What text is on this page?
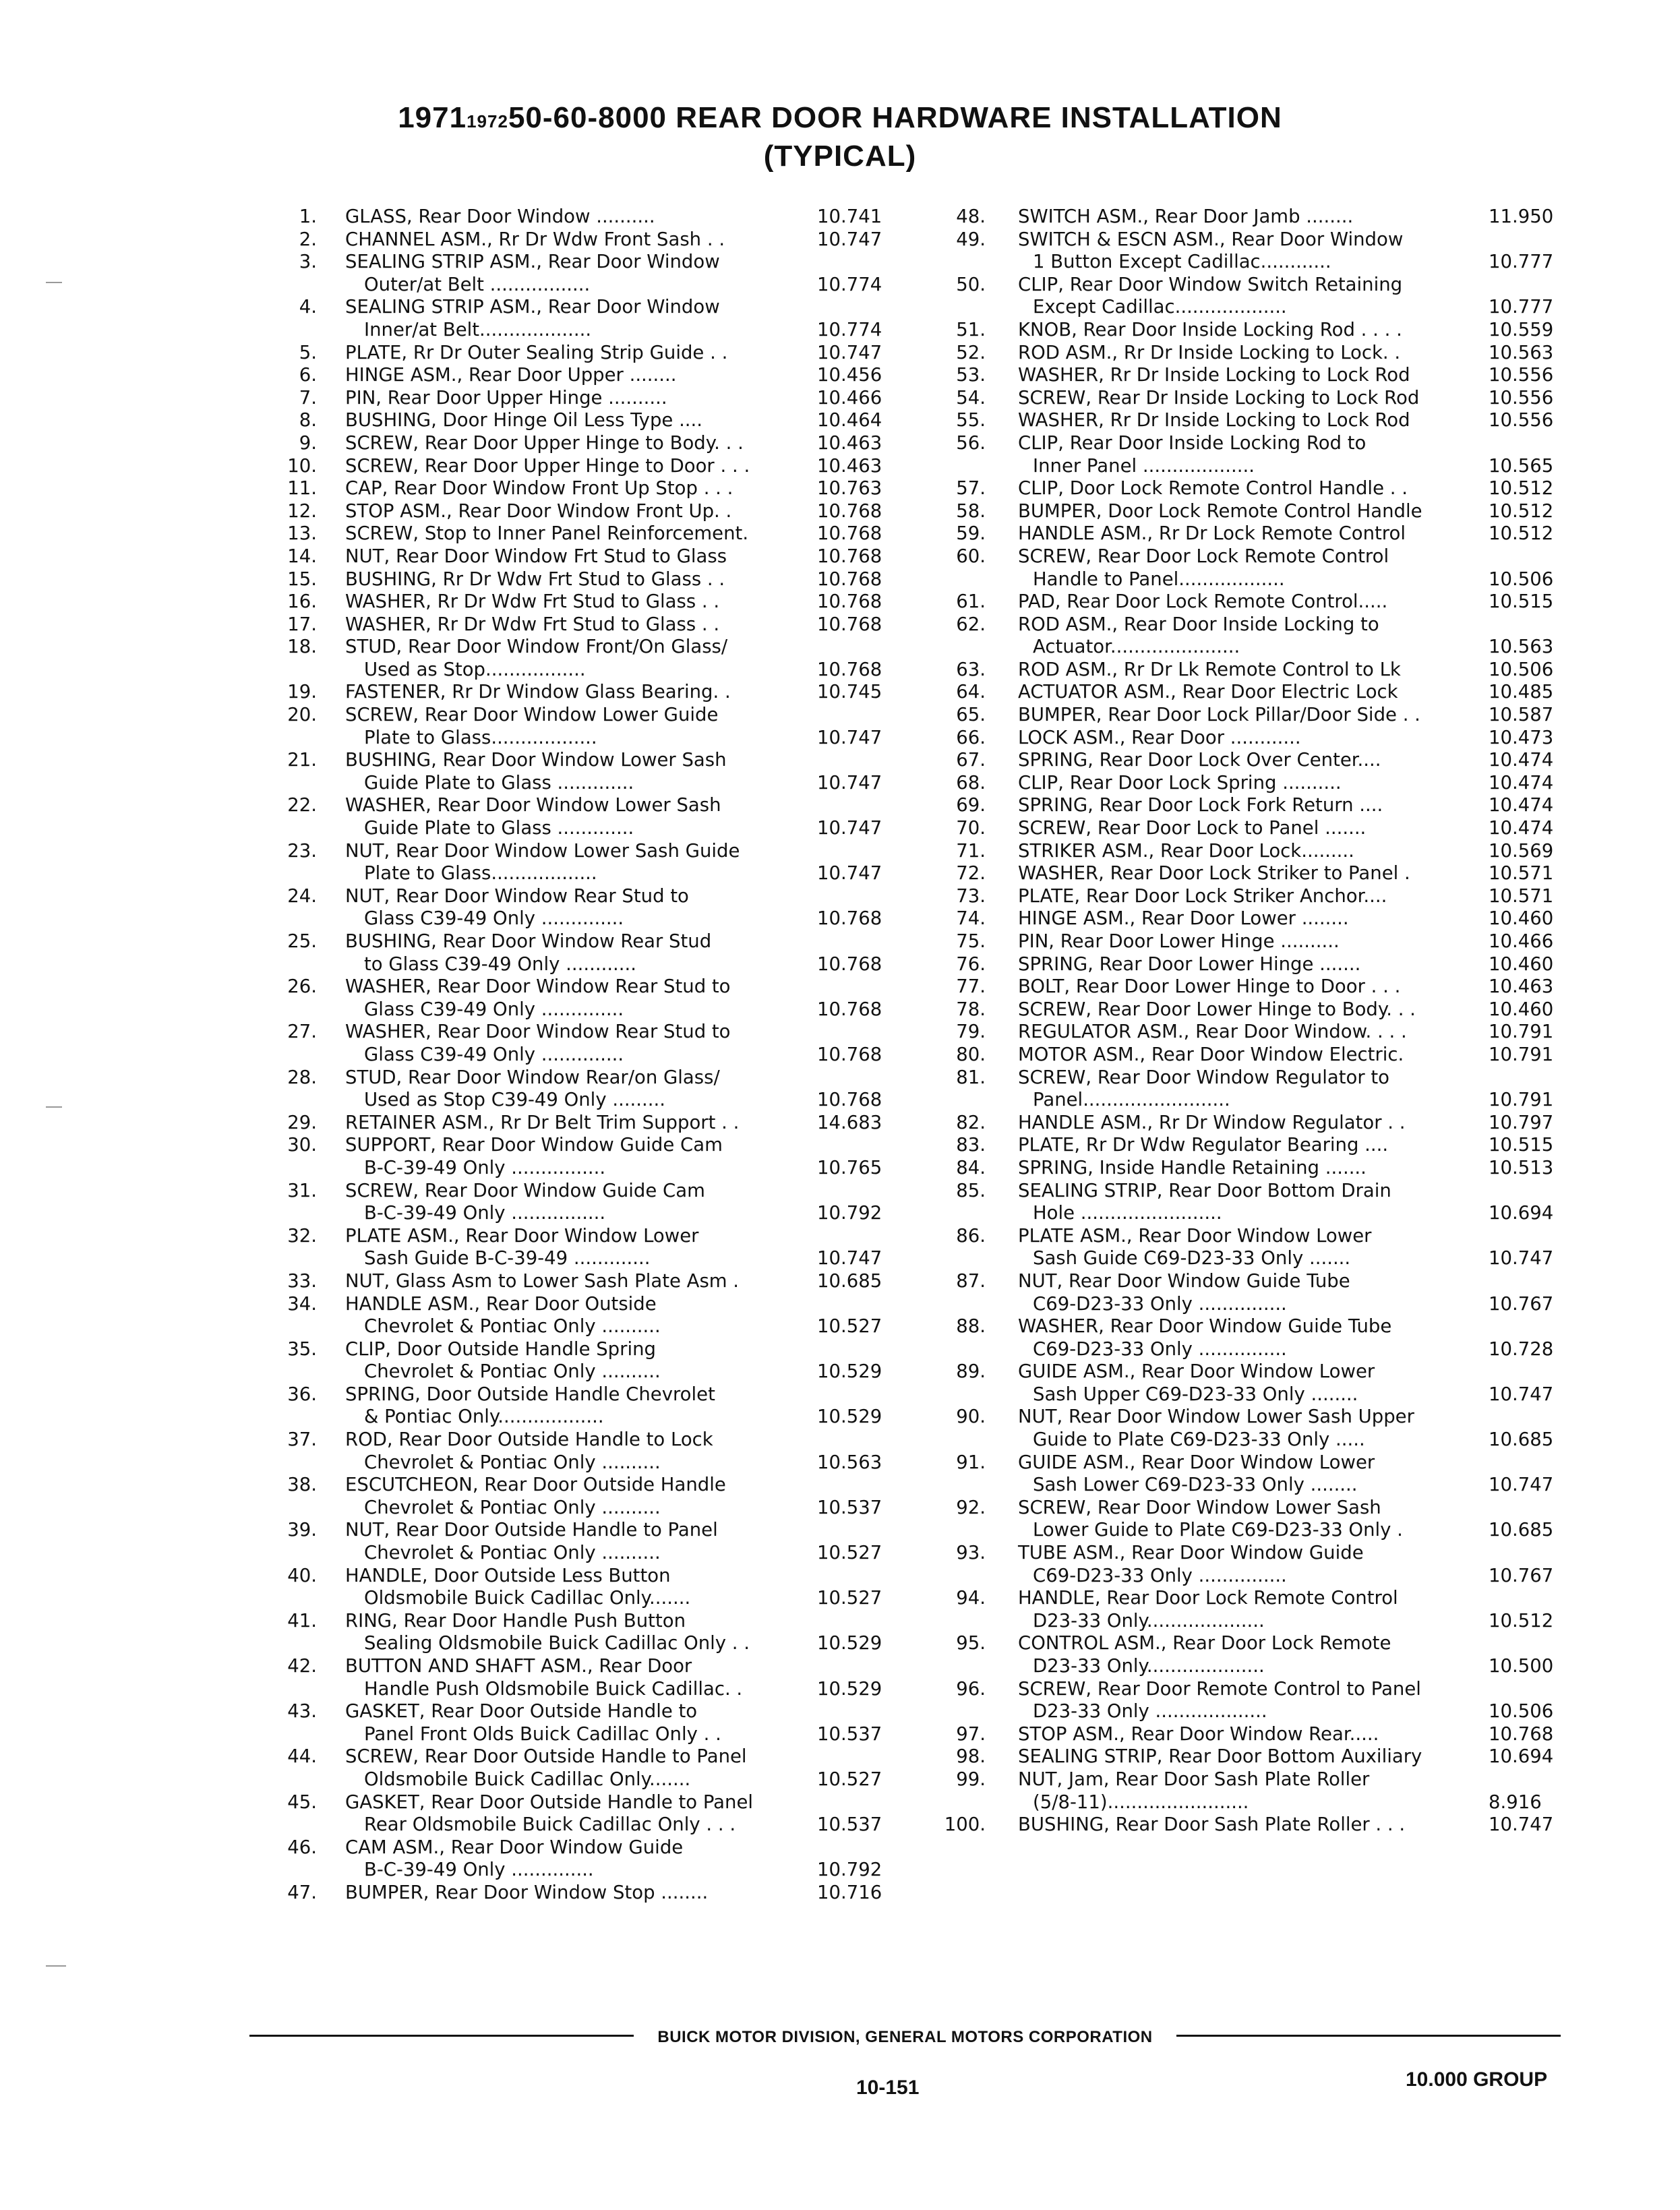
1971197250-60-8000 REAR DOOR HARDWARE INSTALLATION
(TYPICAL)
1. GLASS, Rear Door Window ..........	10.741
2. CHANNEL ASM., Rr Dr Wdw Front Sash . .	10.747
3. SEALING STRIP ASM., Rear Door Window
Outer/at Belt .................	10.774
4. SEALING STRIP ASM., Rear Door Window
Inner/at Belt...................	10.774
5. PLATE, Rr Dr Outer Sealing Strip Guide . .	10.747
6. HINGE ASM., Rear Door Upper ........	10.456
7. PIN, Rear Door Upper Hinge ..........	10.466
8. BUSHING, Door Hinge Oil Less Type ....	10.464
9. SCREW, Rear Door Upper Hinge to Body. . .	10.463
10. SCREW, Rear Door Upper Hinge to Door . . .	10.463
11. CAP, Rear Door Window Front Up Stop . . .	10.763
12. STOP ASM., Rear Door Window Front Up. .	10.768
13. SCREW, Stop to Inner Panel Reinforcement.	10.768
14. NUT, Rear Door Window Frt Stud to Glass	10.768
15. BUSHING, Rr Dr Wdw Frt Stud to Glass . .	10.768
16. WASHER, Rr Dr Wdw Frt Stud to Glass . .	10.768
17. WASHER, Rr Dr Wdw Frt Stud to Glass . .	10.768
18. STUD, Rear Door Window Front/On Glass/
Used as Stop.................	10.768
19. FASTENER, Rr Dr Window Glass Bearing. .	10.745
20. SCREW, Rear Door Window Lower Guide
Plate to Glass..................	10.747
21. BUSHING, Rear Door Window Lower Sash
Guide Plate to Glass .............	10.747
22. WASHER, Rear Door Window Lower Sash
Guide Plate to Glass .............	10.747
23. NUT, Rear Door Window Lower Sash Guide
Plate to Glass..................	10.747
24. NUT, Rear Door Window Rear Stud to
Glass C39-49 Only ..............	10.768
25. BUSHING, Rear Door Window Rear Stud
to Glass C39-49 Only ............	10.768
26. WASHER, Rear Door Window Rear Stud to
Glass C39-49 Only ..............	10.768
27. WASHER, Rear Door Window Rear Stud to
Glass C39-49 Only ..............	10.768
28. STUD, Rear Door Window Rear/on Glass/
Used as Stop C39-49 Only .........	10.768
29. RETAINER ASM., Rr Dr Belt Trim Support . .	14.683
30. SUPPORT, Rear Door Window Guide Cam
B-C-39-49 Only ................	10.765
31. SCREW, Rear Door Window Guide Cam
B-C-39-49 Only ................	10.792
32. PLATE ASM., Rear Door Window Lower
Sash Guide B-C-39-49 .............	10.747
33. NUT, Glass Asm to Lower Sash Plate Asm .	10.685
34. HANDLE ASM., Rear Door Outside
Chevrolet & Pontiac Only ..........	10.527
35. CLIP, Door Outside Handle Spring
Chevrolet & Pontiac Only ..........	10.529
36. SPRING, Door Outside Handle Chevrolet
& Pontiac Only..................	10.529
37. ROD, Rear Door Outside Handle to Lock
Chevrolet & Pontiac Only ..........	10.563
38. ESCUTCHEON, Rear Door Outside Handle
Chevrolet & Pontiac Only ..........	10.537
39. NUT, Rear Door Outside Handle to Panel
Chevrolet & Pontiac Only ..........	10.527
40. HANDLE, Door Outside Less Button
Oldsmobile Buick Cadillac Only.......	10.527
41. RING, Rear Door Handle Push Button
Sealing Oldsmobile Buick Cadillac Only . .	10.529
42. BUTTON AND SHAFT ASM., Rear Door
Handle Push Oldsmobile Buick Cadillac. .	10.529
43. GASKET, Rear Door Outside Handle to
Panel Front Olds Buick Cadillac Only . .	10.537
44. SCREW, Rear Door Outside Handle to Panel
Oldsmobile Buick Cadillac Only.......	10.527
45. GASKET, Rear Door Outside Handle to Panel
Rear Oldsmobile Buick Cadillac Only . . .	10.537
46. CAM ASM., Rear Door Window Guide
B-C-39-49 Only ..............	10.792
47. BUMPER, Rear Door Window Stop ........	10.716
48. SWITCH ASM., Rear Door Jamb ........	11.950
49. SWITCH & ESCN ASM., Rear Door Window
1 Button Except Cadillac............	10.777
50. CLIP, Rear Door Window Switch Retaining
Except Cadillac...................	10.777
51. KNOB, Rear Door Inside Locking Rod . . . .	10.559
52. ROD ASM., Rr Dr Inside Locking to Lock. .	10.563
53. WASHER, Rr Dr Inside Locking to Lock Rod	10.556
54. SCREW, Rear Dr Inside Locking to Lock Rod	10.556
55. WASHER, Rr Dr Inside Locking to Lock Rod	10.556
56. CLIP, Rear Door Inside Locking Rod to
Inner Panel ...................	10.565
57. CLIP, Door Lock Remote Control Handle . .	10.512
58. BUMPER, Door Lock Remote Control Handle	10.512
59. HANDLE ASM., Rr Dr Lock Remote Control	10.512
60. SCREW, Rear Door Lock Remote Control
Handle to Panel..................	10.506
61. PAD, Rear Door Lock Remote Control.....	10.515
62. ROD ASM., Rear Door Inside Locking to
Actuator......................	10.563
63. ROD ASM., Rr Dr Lk Remote Control to Lk	10.506
64. ACTUATOR ASM., Rear Door Electric Lock	10.485
65. BUMPER, Rear Door Lock Pillar/Door Side . .	10.587
66. LOCK ASM., Rear Door ............	10.473
67. SPRING, Rear Door Lock Over Center....	10.474
68. CLIP, Rear Door Lock Spring ..........	10.474
69. SPRING, Rear Door Lock Fork Return ....	10.474
70. SCREW, Rear Door Lock to Panel .......	10.474
71. STRIKER ASM., Rear Door Lock.........	10.569
72. WASHER, Rear Door Lock Striker to Panel .	10.571
73. PLATE, Rear Door Lock Striker Anchor....	10.571
74. HINGE ASM., Rear Door Lower ........	10.460
75. PIN, Rear Door Lower Hinge ..........	10.466
76. SPRING, Rear Door Lower Hinge .......	10.460
77. BOLT, Rear Door Lower Hinge to Door . . .	10.463
78. SCREW, Rear Door Lower Hinge to Body. . .	10.460
79. REGULATOR ASM., Rear Door Window. . . .	10.791
80. MOTOR ASM., Rear Door Window Electric.	10.791
81. SCREW, Rear Door Window Regulator to
Panel.........................	10.791
82. HANDLE ASM., Rr Dr Window Regulator . .	10.797
83. PLATE, Rr Dr Wdw Regulator Bearing ....	10.515
84. SPRING, Inside Handle Retaining .......	10.513
85. SEALING STRIP, Rear Door Bottom Drain
Hole ........................	10.694
86. PLATE ASM., Rear Door Window Lower
Sash Guide C69-D23-33 Only .......	10.747
87. NUT, Rear Door Window Guide Tube
C69-D23-33 Only ...............	10.767
88. WASHER, Rear Door Window Guide Tube
C69-D23-33 Only ...............	10.728
89. GUIDE ASM., Rear Door Window Lower
Sash Upper C69-D23-33 Only ........	10.747
90. NUT, Rear Door Window Lower Sash Upper
Guide to Plate C69-D23-33 Only .....	10.685
91. GUIDE ASM., Rear Door Window Lower
Sash Lower C69-D23-33 Only ........	10.747
92. SCREW, Rear Door Window Lower Sash
Lower Guide to Plate C69-D23-33 Only .	10.685
93. TUBE ASM., Rear Door Window Guide
C69-D23-33 Only ...............	10.767
94. HANDLE, Rear Door Lock Remote Control
D23-33 Only....................	10.512
95. CONTROL ASM., Rear Door Lock Remote
D23-33 Only....................	10.500
96. SCREW, Rear Door Remote Control to Panel
D23-33 Only ...................	10.506
97. STOP ASM., Rear Door Window Rear.....	10.768
98. SEALING STRIP, Rear Door Bottom Auxiliary	10.694
99. NUT, Jam, Rear Door Sash Plate Roller
(5/8-11)........................	8.916
100. BUSHING, Rear Door Sash Plate Roller . . .	10.747
BUICK MOTOR DIVISION, GENERAL MOTORS CORPORATION
10-151	10.000 GROUP
